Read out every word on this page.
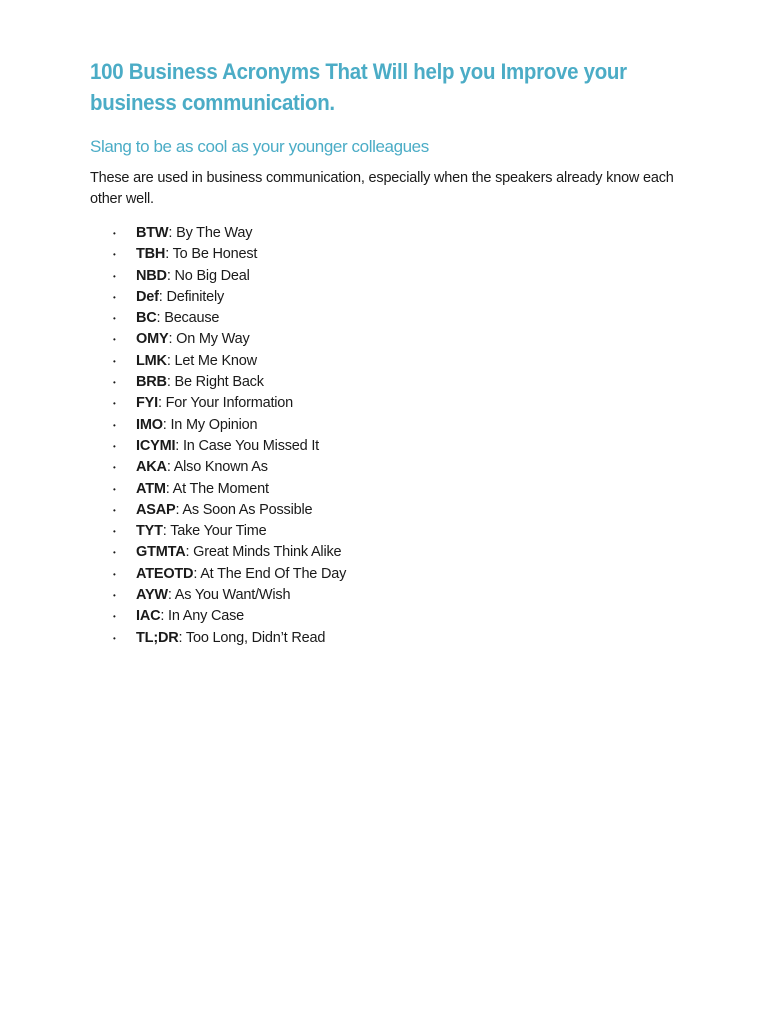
100 Business Acronyms That Will help you Improve your business communication.
Slang to be as cool as your younger colleagues

These are used in business communication, especially when the speakers already know each other well.

• BTW: By The Way
• TBH: To Be Honest
• NBD: No Big Deal
• Def: Definitely
• BC: Because
• OMY: On My Way
• LMK: Let Me Know
• BRB: Be Right Back
• FYI: For Your Information
• IMO: In My Opinion
• ICYMI: In Case You Missed It
• AKA: Also Known As
• ATM: At The Moment
• ASAP: As Soon As Possible
• TYT: Take Your Time
• GTMTA: Great Minds Think Alike
• ATEOTD: At The End Of The Day
• AYW: As You Want/Wish
• IAC: In Any Case
• TL;DR: Too Long, Didn’t Read
